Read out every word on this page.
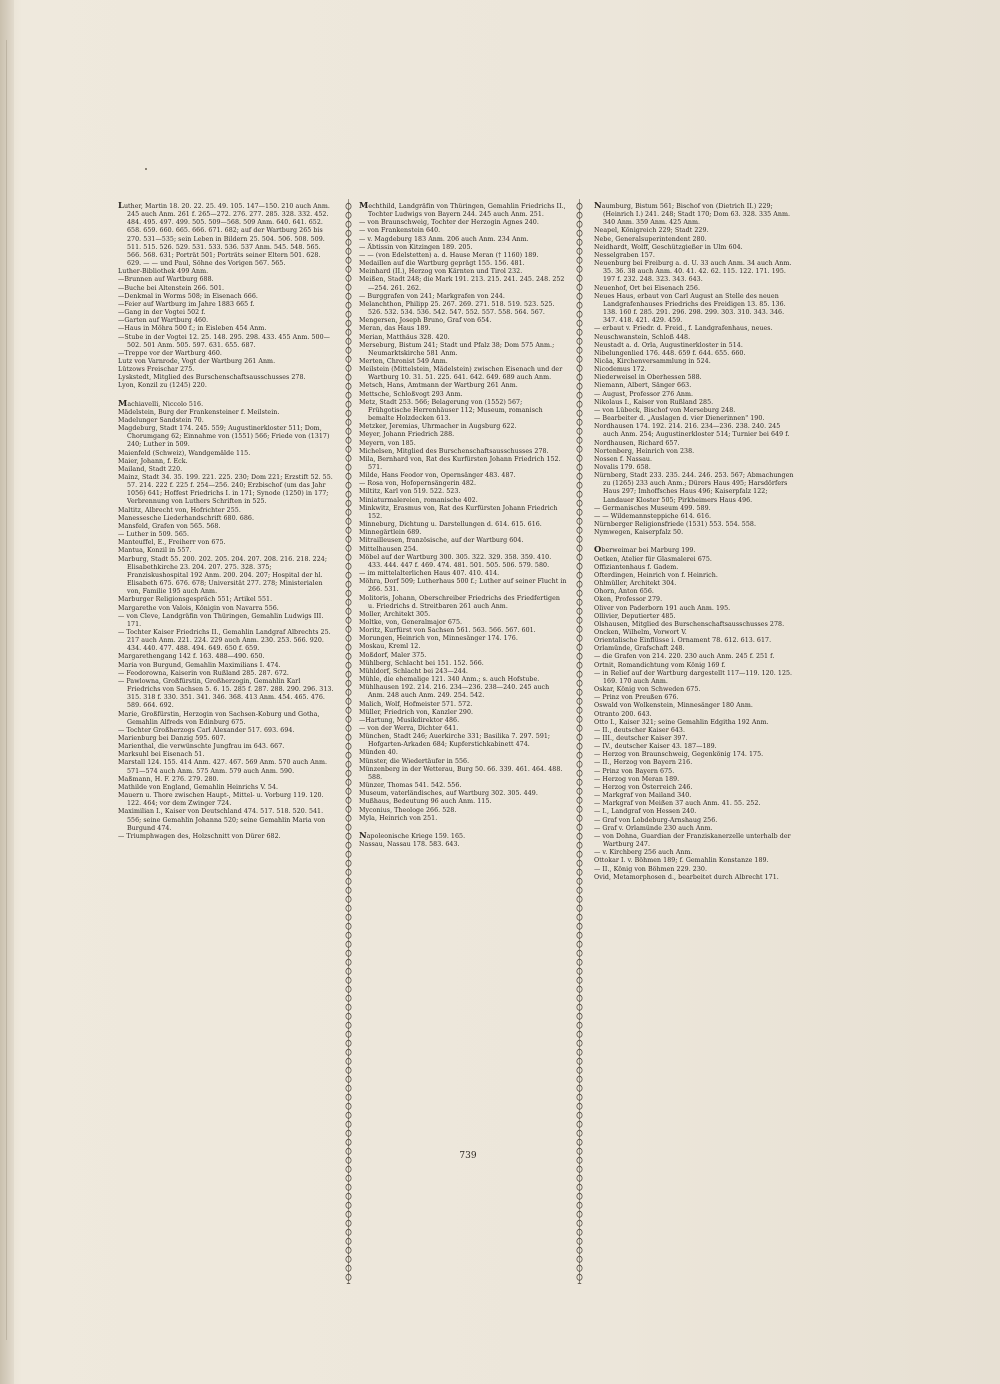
Luther, Martin 18. 20. 22. 25. 49. 105. 147—150. 210 auch Anm. 245 auch Anm. 261 f. 265—272. 276. 277. 285. 328. 332. 452. 484. 495. 497. 499. 505. 509—568. 509 Anm. 640. 641. 652. 658. 659. 660. 665. 666. 671. 682; auf der Wartburg 265 bis 270. 531—535; sein Leben in Bildern 25. 504. 506. 508. 509. 511. 515. 526. 529. 531. 533. 536. 537 Anm. 545. 548. 565. 566. 568. 631; Porträt 501; Porträts seiner Eltern 501. 628. 629. — — und Paul, Söhne des Vorigen 567. 565.
Luther-Bibliothek 499 Anm.
—Brunnen auf Wartburg 688.
—Buche bei Altenstein 266. 501.
—Denkmal in Worms 508; in Eisenach 666.
—Feier auf Wartburg im Jahre 1883 665 f.
—Gang in der Vogtei 502 f.
—Garten auf Wartburg 460.
—Haus in Möhra 500 f.; in Eisleben 454 Anm.
—Stube in der Vogtei 12. 25. 148. 295. 298. 433. 455 Anm. 500—502. 501 Anm. 505. 597. 631. 655. 687.
—Treppe vor der Wartburg 460.
Lutz von Varnrode, Vogt der Wartburg 261 Anm.
Lützows Freischar 275.
Lyskstedt, Mitglied des Burschenschaftsausschusses 278.
Lyon, Konzil zu (1245) 220.
Machiavelli, Niccolo 516.
Mädelstein, Burg der Frankensteiner f. Meilstein.
Madelunger Sandstein 70.
Magdeburg, Stadt 174. 245. 559; Augustinerkloster 511; Dom, Chorumgang 62; Einnahme von (1551) 566; Friede von (1317) 240; Luther in 509.
Maienfeld (Schweiz), Wandgemälde 115.
Maier, Johann, f. Eck.
Mailand, Stadt 220.
Mainz, Stadt 34. 35. 199. 221. 225. 230; Dom 221; Erzstift 52. 55. 57. 214. 222 f. 225 f. 254—256. 240; Erzbischof (um das Jahr 1056) 641; Hoffest Friedrichs I. in 171; Synode (1250) in 177; Verbrennung von Luthers Schriften in 525.
Maltitz, Albrecht von, Hofrichter 255.
Manessesche Liederhandschrift 680. 686.
Mansfeld, Grafen von 565. 568.
— Luther in 509. 565.
Manteuffel, E., Freiherr von 675.
Mantua, Konzil in 557.
Marburg, Stadt 55. 200. 202. 205. 204. 207. 208. 216. 218. 224; Elisabethkirche 23. 204. 207. 275. 328. 375; Franziskushospital 192 Anm. 200. 204. 207; Hospital der hl. Elisabeth 675. 676. 678; Universität 277. 278; Ministerialen von, Familie 195 auch Anm.
Marburger Religionsgespräch 551; Artikel 551.
Margarethe von Valois, Königin von Navarra 556.
— von Cleve, Landgräfin von Thüringen, Gemahlin Ludwigs III. 171.
— Tochter Kaiser Friedrichs II., Gemahlin Landgraf Albrechts 25. 217 auch Anm. 221. 224. 229 auch Anm. 230. 253. 566. 920. 434. 440. 477. 488. 494. 649. 650 f. 659.
Margarethengang 142 f. 163. 488—490. 650.
Maria von Burgund, Gemahlin Maximilians I. 474.
— Feodorowna, Kaiserin von Rußland 285. 287. 672.
— Pawlowna, Großfürstin, Großherzogin, Gemahlin Karl Friedrichs von Sachsen 5. 6. 15. 285 f. 287. 288. 290. 296. 313. 315. 318 f. 330. 351. 341. 346. 368. 413 Anm. 454. 465. 476. 589. 664. 692.
Marie, Großfürstin, Herzogin von Sachsen-Koburg und Gotha, Gemahlin Alfreds von Edinburg 675.
— Tochter Großherzogs Carl Alexander 517. 693. 694.
Marienburg bei Danzig 595. 607.
Marienthal, die verwünschte Jungfrau im 643. 667.
Marksuhl bei Eisenach 51.
Marstall 124. 155. 414 Anm. 427. 467. 569 Anm. 570 auch Anm. 571—574 auch Anm. 575 Anm. 579 auch Anm. 590.
Maßmann, H. F. 276. 279. 280.
Mathilde von England, Gemahlin Heinrichs V. 54.
Mauern u. Thore zwischen Haupt-, Mittel- u. Vorburg 119. 120. 122. 464; vor dem Zwinger 724.
Maximilian I., Kaiser von Deutschland 474. 517. 518. 520. 541. 556; seine Gemahlin Johanna 520; seine Gemahlin Maria von Burgund 474.
— Triumphwagen des, Holzschnitt von Dürer 682.
Mechthild, Landgräfin von Thüringen, Gemahlin Friedrichs II., Tochter Ludwigs von Bayern 244. 245 auch Anm. 251.
— von Braunschweig, Tochter der Herzogin Agnes 240.
— von Frankenstein 640.
— v. Magdeburg 183 Anm. 206 auch Anm. 234 Anm.
— Äbtissin von Kitzingen 189. 205.
— — (von Edelstetten) a. d. Hause Meran († 1160) 189.
Medaillen auf die Wartburg geprägt 155. 156. 481.
Meinhard (II.), Herzog von Kärnten und Tirol 232.
Meißen, Stadt 248; die Mark 191. 213. 215. 241. 245. 248. 252—254. 261. 262.
— Burggrafen von 241; Markgrafen von 244.
Melanchthon, Philipp 25. 267. 269. 271. 518. 519. 523. 525. 526. 532. 534. 536. 542. 547. 552. 557. 558. 564. 567.
Mengersen, Joseph Bruno, Graf von 654.
Meran, das Haus 189.
Merian, Matthäus 328. 420.
Merseburg, Bistum 241; Stadt und Pfalz 38; Dom 575 Anm.; Neumarktskirche 581 Anm.
Merten, Chronist 549 Anm.
Meilstein (Mittelstein, Mädelstein) zwischen Eisenach und der Wartburg 10. 31. 51. 225. 641. 642. 649. 689 auch Anm.
Metsch, Hans, Amtmann der Wartburg 261 Anm.
Mettsche, Schloßvogt 293 Anm.
Metz, Stadt 253. 566; Belagerung von (1552) 567; Frühgotische Herrenhäuser 112; Museum, romanisch bemalte Holzdecken 613.
Metzker, Jeremias, Uhrmacher in Augsburg 622.
Meyer, Johann Friedrich 288.
Meyern, von 185.
Michelsen, Mitglied des Burschenschaftsausschusses 278.
Mila, Bernhard von, Rat des Kurfürsten Johann Friedrich 152. 571.
Milde, Hans Feodor von, Opernsänger 483. 487.
— Rosa von, Hofopernsängerin 482.
Miltitz, Karl von 519. 522. 523.
Miniaturmalereien, romanische 402.
Minkwitz, Erasmus von, Rat des Kurfürsten Johann Friedrich 152.
Minneburg, Dichtung u. Darstellungen d. 614. 615. 616.
Minnegärtlein 689.
Mitrailleusen, französische, auf der Wartburg 604.
Mittelhausen 254.
Möbel auf der Wartburg 300. 305. 322. 329. 358. 359. 410. 433. 444. 447 f. 469. 474. 481. 501. 505. 506. 579. 580.
— im mittelalterlichen Haus 407. 410. 414.
Möhra, Dorf 509; Lutherhaus 500 f.; Luther auf seiner Flucht in 266. 531.
Molitoris, Johann, Oberschreiber Friedrichs des Friedfertigen u. Friedrichs d. Streitbaren 261 auch Anm.
Moller, Architekt 305.
Moltke, von, Generalmajor 675.
Moritz, Kurfürst von Sachsen 561. 563. 566. 567. 601.
Morungen, Heinrich von, Minnesänger 174. 176.
Moskau, Kreml 12.
Moßdorf, Maler 375.
Mühlberg, Schlacht bei 151. 152. 566.
Mühldorf, Schlacht bei 243—244.
Mühle, die ehemalige 121. 340 Anm.; s. auch Hofstube.
Mühlhausen 192. 214. 216. 234—236. 238—240. 245 auch Anm. 248 auch Anm. 249. 254. 542.
Malich, Wolf, Hofmeister 571. 572.
Müller, Friedrich von, Kanzler 290.
—Hartung, Musikdirektor 486.
— von der Werra, Dichter 641.
München, Stadt 246; Auerkirche 331; Basilika 7. 297. 591; Hofgarten-Arkaden 684; Kupferstichkabinett 474.
Münden 40.
Münster, die Wiedertäufer in 556.
Münzenberg in der Wetterau, Burg 50. 66. 339. 461. 464. 488. 588.
Münzer, Thomas 541. 542. 556.
Museum, vaterländisches, auf Wartburg 302. 305. 449.
Mußhaus, Bedeutung 96 auch Anm. 115.
Myconius, Theologe 266. 528.
Myla, Heinrich von 251.
Napoleonische Kriege 159. 165.
Nassau, Nassau 178. 583. 643.
Naumburg, Bistum 561; Bischof von (Dietrich II.) 229; (Heinrich I.) 241. 248; Stadt 170; Dom 63. 328. 335 Anm. 340 Anm. 359 Anm. 425 Anm.
Neapel, Königreich 229; Stadt 229.
Nebe, Generalsuperintendent 280.
Neidhardt, Wolff, Geschützgießer in Ulm 604.
Nesselgraben 157.
Neuenburg bei Freiburg a. d. U. 33 auch Anm. 34 auch Anm. 35. 36. 38 auch Anm. 40. 41. 42. 62. 115. 122. 171. 195. 197 f. 232. 248. 323. 343. 643.
Neuenhof, Ort bei Eisenach 256.
Neues Haus, erbaut von Carl August an Stelle des neuen Landgrafenhauses Friedrichs des Freidigen 13. 85. 136. 138. 160 f. 285. 291. 296. 298. 299. 303. 310. 343. 346. 347. 418. 421. 429. 459.
— erbaut v. Friedr. d. Freid., f. Landgrafenhaus, neues.
Neuschwanstein, Schloß 448.
Neustadt a. d. Orla, Augustinerkloster in 514.
Nibelungenlied 176. 448. 659 f. 644. 655. 660.
Nicäa, Kirchenversammlung in 524.
Nicodemus 172.
Niederweisel in Oberhessen 588.
Niemann, Albert, Sänger 663.
— August, Professor 276 Anm.
Nikolaus I., Kaiser von Rußland 285.
— von Lübeck, Bischof von Merseburg 248.
— Bearbeiter d. „Auslagen d. vier Dienerinnen" 190.
Nordhausen 174. 192. 214. 216. 234—236. 238. 240. 245 auch Anm. 254; Augustinerkloster 514; Turnier bei 649 f.
Nordhausen, Richard 657.
Nortenberg, Heinrich von 238.
Nossen f. Nassau.
Novalis 179. 658.
Nürnberg, Stadt 233. 235. 244. 246. 253. 567; Abmachungen zu (1265) 233 auch Anm.; Dürers Haus 495; Harsdörfers Haus 297; Imhoffsches Haus 496; Kaiserpfalz 122; Landauer Kloster 505; Pirkheimers Haus 496.
— Germanisches Museum 499. 589.
— — Wildemannsteppiche 614. 616.
Nürnberger Religionsfriede (1531) 553. 554. 558.
Nymwegen, Kaiserpfalz 50.
Oberweimar bei Marburg 199.
Oetken, Atelier für Glasmalerei 675.
Offiziantenhaus f. Gadem.
Ofterdingen, Heinrich von f. Heinrich.
Ohlmüller, Architekt 304.
Ohorn, Anton 656.
Oken, Professor 279.
Oliver von Paderborn 191 auch Anm. 195.
Ollivier, Deputierter 485.
Olshausen, Mitglied des Burschenschaftsausschusses 278.
Oncken, Wilhelm, Vorwort V.
Orientalische Einflüsse i. Ornament 78. 612. 613. 617.
Orlamünde, Grafschaft 248.
— die Grafen von 214. 220. 230 auch Anm. 245 f. 251 f.
Ortnit, Romandichtung vom König 169 f.
— in Relief auf der Wartburg dargestellt 117—119. 120. 125. 169. 170 auch Anm.
Oskar, König von Schweden 675.
— Prinz von Preußen 676.
Oswald von Wolkenstein, Minnesänger 180 Anm.
Otranto 200. 643.
Otto I., Kaiser 321; seine Gemahlin Edgitha 192 Anm.
— II., deutscher Kaiser 643.
— III., deutscher Kaiser 397.
— IV., deutscher Kaiser 43. 187—189.
— Herzog von Braunschweig, Gegenkönig 174. 175.
— II., Herzog von Bayern 216.
— Prinz von Bayern 675.
— Herzog von Meran 189.
— Herzog von Österreich 246.
— Markgraf von Mailand 340.
— Markgraf von Meißen 37 auch Anm. 41. 55. 252.
— I., Landgraf von Hessen 240.
— Graf von Lobdeburg-Arnshaug 256.
— Graf v. Orlamünde 230 auch Anm.
— von Dohna, Guardian der Franziskanerzelle unterhalb der Wartburg 247.
— v. Kirchberg 256 auch Anm.
Ottokar I. v. Böhmen 189; f. Gemahlin Konstanze 189.
— II., König von Böhmen 229. 230.
Ovid, Metamorphosen d., bearbeitet durch Albrecht 171.
739
